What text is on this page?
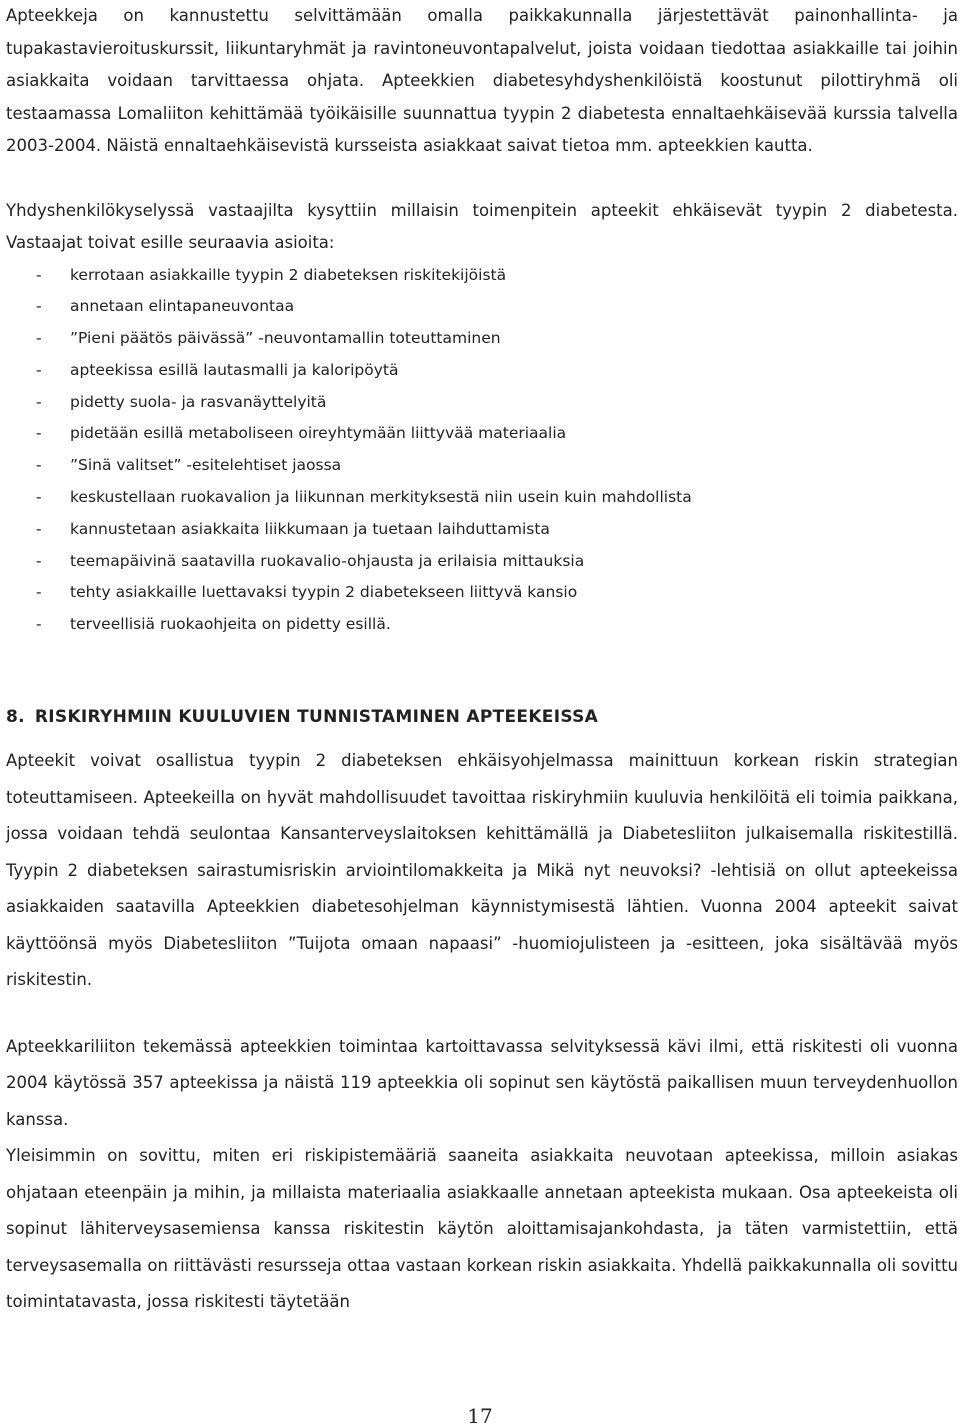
Apteekkeja on kannustettu selvittämään omalla paikkakunnalla järjestettävät painonhallinta- ja tupakastavieroituskurssit, liikuntaryhmät ja ravintoneuvontapalvelut, joista voidaan tiedottaa asiakkaille tai joihin asiakkaita voidaan tarvittaessa ohjata. Apteekkien diabetesyhdyshenkilöistä koostunut pilottiryhmä oli testaamassa Lomaliiton kehittämää työikäisille suunnattua tyypin 2 diabetesta ennaltaehkäisevää kurssia talvella 2003-2004. Näistä ennaltaehkäisevistä kursseista asiakkaat saivat tietoa mm. apteekkien kautta.

Yhdyshenkilökyselyssä vastaajilta kysyttiin millaisin toimenpitein apteekit ehkäisevät tyypin 2 diabetesta. Vastaajat toivat esille seuraavia asioita:

- kerrotaan asiakkaille tyypin 2 diabeteksen riskitekijöistä
- annetaan elintapaneuvontaa
- ”Pieni päätös päivässä” -neuvontamallin toteuttaminen
- apteekissa esillä lautasmalli ja kaloripöytä
- pidetty suola- ja rasvanäyttelyitä
- pidetään esillä metaboliseen oireyhtymään liittyvää materiaalia
- ”Sinä valitset” -esitelehtiset jaossa
- keskustellaan ruokavalion ja liikunnan merkityksestä niin usein kuin mahdollista
- kannustetaan asiakkaita liikkumaan ja tuetaan laihduttamista
- teemapäivinä saatavilla ruokavalio-ohjausta ja erilaisia mittauksia
- tehty asiakkaille luettavaksi tyypin 2 diabetekseen liittyvä kansio
- terveellisiä ruokaohjeita on pidetty esillä.
8. RISKIRYHMIIN KUULUVIEN TUNNISTAMINEN APTEEKEISSA

Apteekit voivat osallistua tyypin 2 diabeteksen ehkäisyohjelmassa mainittuun korkean riskin strategian toteuttamiseen. Apteekeilla on hyvät mahdollisuudet tavoittaa riskiryhmiin kuuluvia henkilöitä eli toimia paikkana, jossa voidaan tehdä seulontaa Kansanterveyslaitoksen kehittämällä ja Diabetesliiton julkaisemalla riskitestillä. Tyypin 2 diabeteksen sairastumisriskin arviointilomakkeita ja Mikä nyt neuvoksi? -lehtisiä on ollut apteekeissa asiakkaiden saatavilla Apteekkien diabetesohjelman käynnistymisestä lähtien. Vuonna 2004 apteekit saivat käyttöönsä myös Diabetesliiton ”Tuijota omaan napaasi” -huomiojulisteen ja -esitteen, joka sisältävää myös riskitestin.

Apteekkariliiton tekemässä apteekkien toimintaa kartoittavassa selvityksessä kävi ilmi, että riskitesti oli vuonna 2004 käytössä 357 apteekissa ja näistä 119 apteekkia oli sopinut sen käytöstä paikallisen muun terveydenhuollon kanssa.

Yleisimmin on sovittu, miten eri riskipistemääriä saaneita asiakkaita neuvotaan apteekissa, milloin asiakas ohjataan eteenpäin ja mihin, ja millaista materiaalia asiakkaalle annetaan apteekista mukaan. Osa apteekeista oli sopinut lähiterveysasemiensa kanssa riskitestin käytön aloittamisajankohdasta, ja täten varmistettiin, että terveysasemalla on riittävästi resursseja ottaa vastaan korkean riskin asiakkaita. Yhdellä paikkakunnalla oli sovittu toimintatavasta, jossa riskitesti täytetään

17
